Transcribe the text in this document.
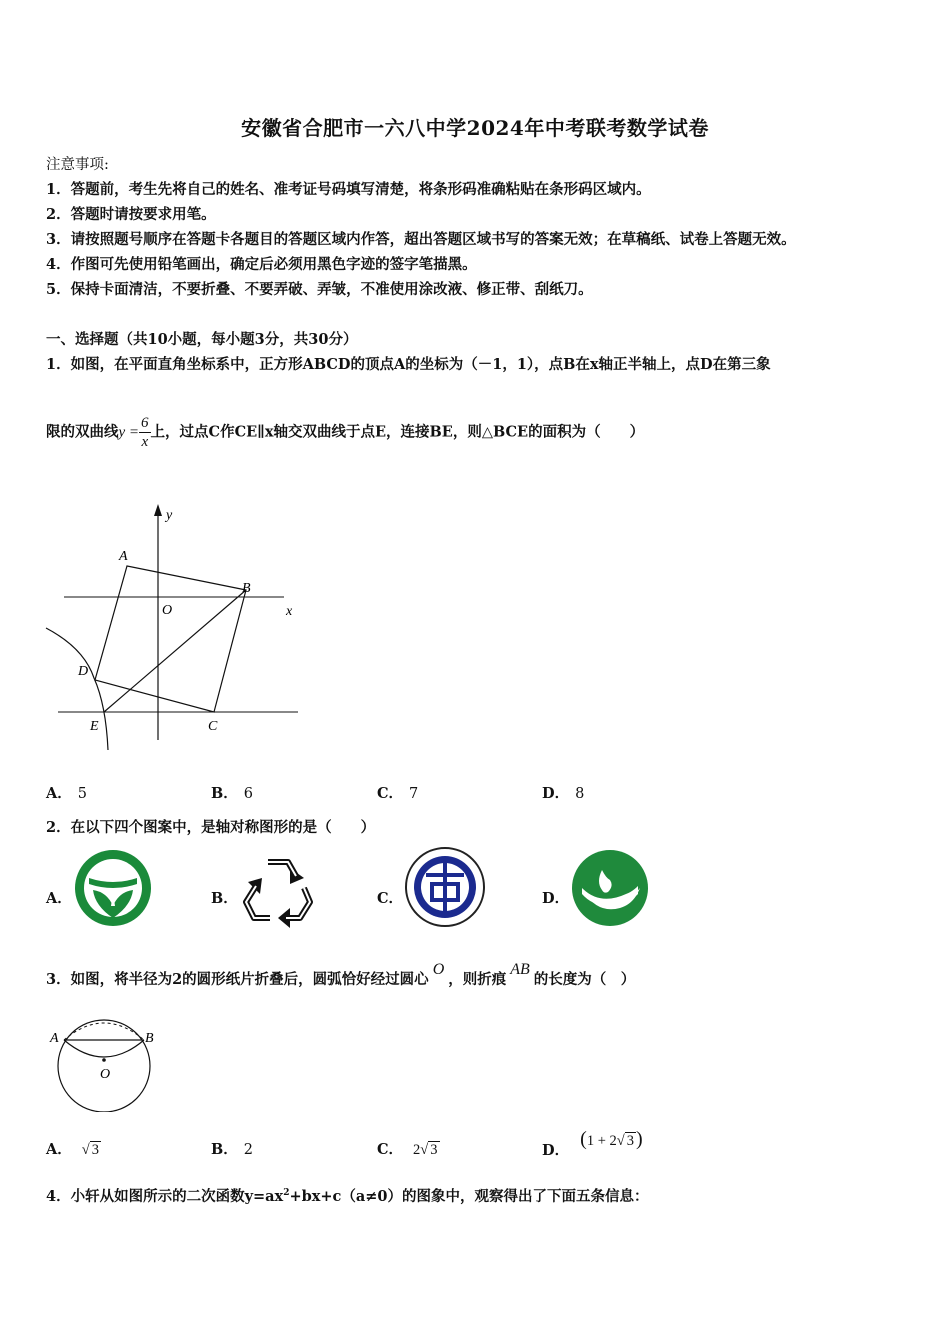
安徽省合肥市一六八中学2024年中考联考数学试卷
注意事项:
1．答题前，考生先将自己的姓名、准考证号码填写清楚，将条形码准确粘贴在条形码区域内。
2．答题时请按要求用笔。
3．请按照题号顺序在答题卡各题目的答题区域内作答，超出答题区域书写的答案无效；在草稿纸、试卷上答题无效。
4．作图可先使用铅笔画出，确定后必须用黑色字迹的签字笔描黑。
5．保持卡面清洁，不要折叠、不要弄破、弄皱，不准使用涂改液、修正带、刮纸刀。
一、选择题（共10小题，每小题3分，共30分）
1．如图，在平面直角坐标系中，正方形ABCD的顶点A的坐标为（－1，1），点B在x轴正半轴上，点D在第三象
限的双曲线$y = \frac{6}{x}$ 上，过点C作CE∥x轴交双曲线于点E，连接BE，则△BCE的面积为（　　）
y
x
A
B
O
D
E	C
A． 5	B． 6	C． 7	D． 8
2．在以下四个图案中，是轴对称图形的是（　　）
A．	B．	C．	D．
3．如图，将半径为2的圆形纸片折叠后，圆弧恰好经过圆心O，则折痕AB的长度为（　）
A	B
O
A． √ 3	B． 2	C． 2√ 3	D． (1 + 2√ 3 )
4．小轩从如图所示的二次函数$y=ax^2+bx+c(a\ne 0)$的图象中，观察得出了下面五条信息：
